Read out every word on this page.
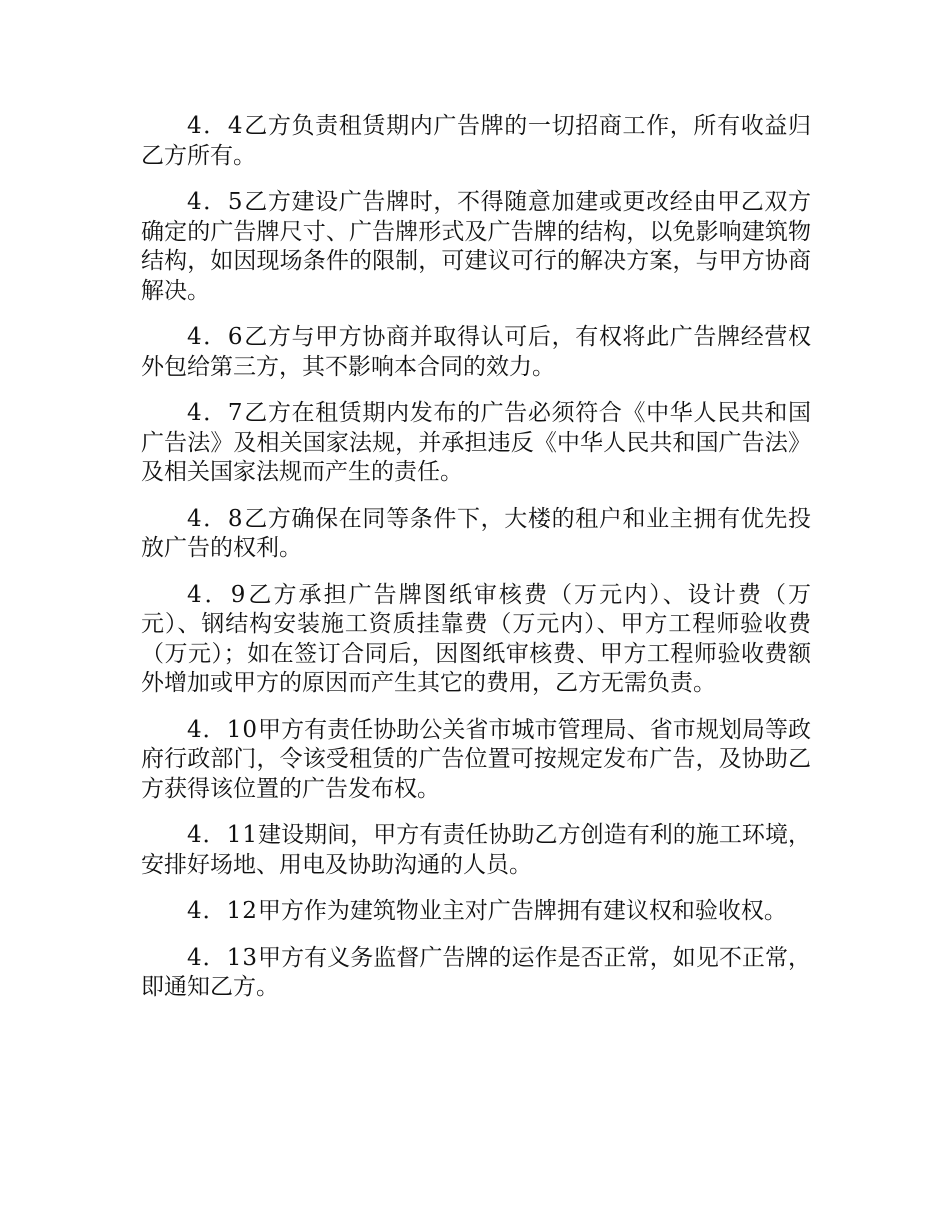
4．4乙方负责租赁期内广告牌的一切招商工作，所有收益归乙方所有。

4．5乙方建设广告牌时，不得随意加建或更改经由甲乙双方确定的广告牌尺寸、广告牌形式及广告牌的结构，以免影响建筑物结构，如因现场条件的限制，可建议可行的解决方案，与甲方协商解决。

4．6乙方与甲方协商并取得认可后，有权将此广告牌经营权外包给第三方，其不影响本合同的效力。

4．7乙方在租赁期内发布的广告必须符合《中华人民共和国广告法》及相关国家法规，并承担违反《中华人民共和国广告法》及相关国家法规而产生的责任。

4．8乙方确保在同等条件下，大楼的租户和业主拥有优先投放广告的权利。

4．9乙方承担广告牌图纸审核费（万元内）、设计费（万元）、钢结构安装施工资质挂靠费（万元内）、甲方工程师验收费（万元）；如在签订合同后，因图纸审核费、甲方工程师验收费额外增加或甲方的原因而产生其它的费用，乙方无需负责。

4．10甲方有责任协助公关省市城市管理局、省市规划局等政府行政部门，令该受租赁的广告位置可按规定发布广告，及协助乙方获得该位置的广告发布权。

4．11建设期间，甲方有责任协助乙方创造有利的施工环境，安排好场地、用电及协助沟通的人员。

4．12甲方作为建筑物业主对广告牌拥有建议权和验收权。

4．13甲方有义务监督广告牌的运作是否正常，如见不正常，即通知乙方。
